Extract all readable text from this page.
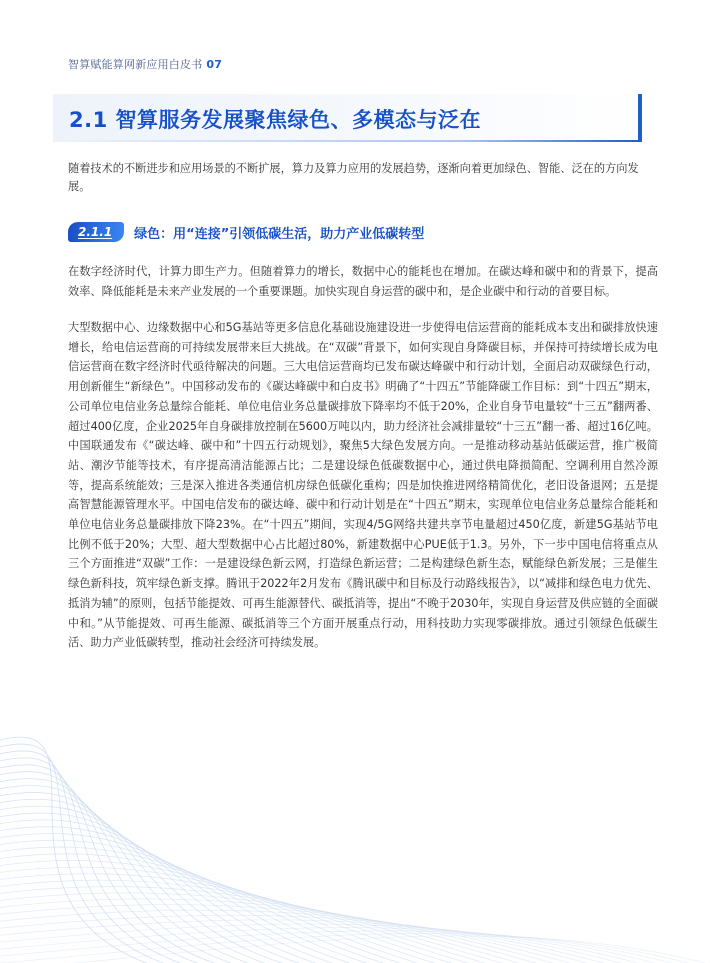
智算赋能算网新应用白皮书 07
2.1 智算服务发展聚焦绿色、多模态与泛在

随着技术的不断进步和应用场景的不断扩展，算力及算力应用的发展趋势，逐渐向着更加绿色、智能、泛在的方向发展。

2.1.1	绿色：用“连接”引领低碳生活，助力产业低碳转型

在数字经济时代，计算力即生产力。但随着算力的增长，数据中心的能耗也在增加。在碳达峰和碳中和的背景下，提高效率、降低能耗是未来产业发展的一个重要课题。加快实现自身运营的碳中和，是企业碳中和行动的首要目标。

大型数据中心、边缘数据中心和5G基站等更多信息化基础设施建设进一步使得电信运营商的能耗成本支出和碳排放快速增长，给电信运营商的可持续发展带来巨大挑战。在“双碳”背景下，如何实现自身降碳目标，并保持可持续增长成为电信运营商在数字经济时代亟待解决的问题。三大电信运营商均已发布碳达峰碳中和行动计划，全面启动双碳绿色行动，用创新催生“新绿色”。中国移动发布的《碳达峰碳中和白皮书》明确了“十四五”节能降碳工作目标：到“十四五”期末，公司单位电信业务总量综合能耗、单位电信业务总量碳排放下降率均不低于20%，企业自身节电量较“十三五”翻两番、超过400亿度，企业2025年自身碳排放控制在5600万吨以内，助力经济社会减排量较“十三五”翻一番、超过16亿吨。中国联通发布《“碳达峰、碳中和”十四五行动规划》，聚焦5大绿色发展方向。一是推动移动基站低碳运营，推广极简站、潮汐节能等技术，有序提高清洁能源占比；二是建设绿色低碳数据中心，通过供电降损简配、空调利用自然冷源等，提高系统能效；三是深入推进各类通信机房绿色低碳化重构；四是加快推进网络精简优化，老旧设备退网；五是提高智慧能源管理水平。中国电信发布的碳达峰、碳中和行动计划是在“十四五”期末，实现单位电信业务总量综合能耗和单位电信业务总量碳排放下降23%。在“十四五”期间，实现4/5G网络共建共享节电量超过450亿度，新建5G基站节电比例不低于20%；大型、超大型数据中心占比超过80%，新建数据中心PUE低于1.3。另外，下一步中国电信将重点从三个方面推进“双碳”工作：一是建设绿色新云网，打造绿色新运营；二是构建绿色新生态，赋能绿色新发展；三是催生绿色新科技，筑牢绿色新支撑。腾讯于2022年2月发布《腾讯碳中和目标及行动路线报告》，以“减排和绿色电力优先、抵消为辅”的原则，包括节能提效、可再生能源替代、碳抵消等，提出“不晚于2030年，实现自身运营及供应链的全面碳中和。”从节能提效、可再生能源、碳抵消等三个方面开展重点行动，用科技助力实现零碳排放。通过引领绿色低碳生活、助力产业低碳转型，推动社会经济可持续发展。
